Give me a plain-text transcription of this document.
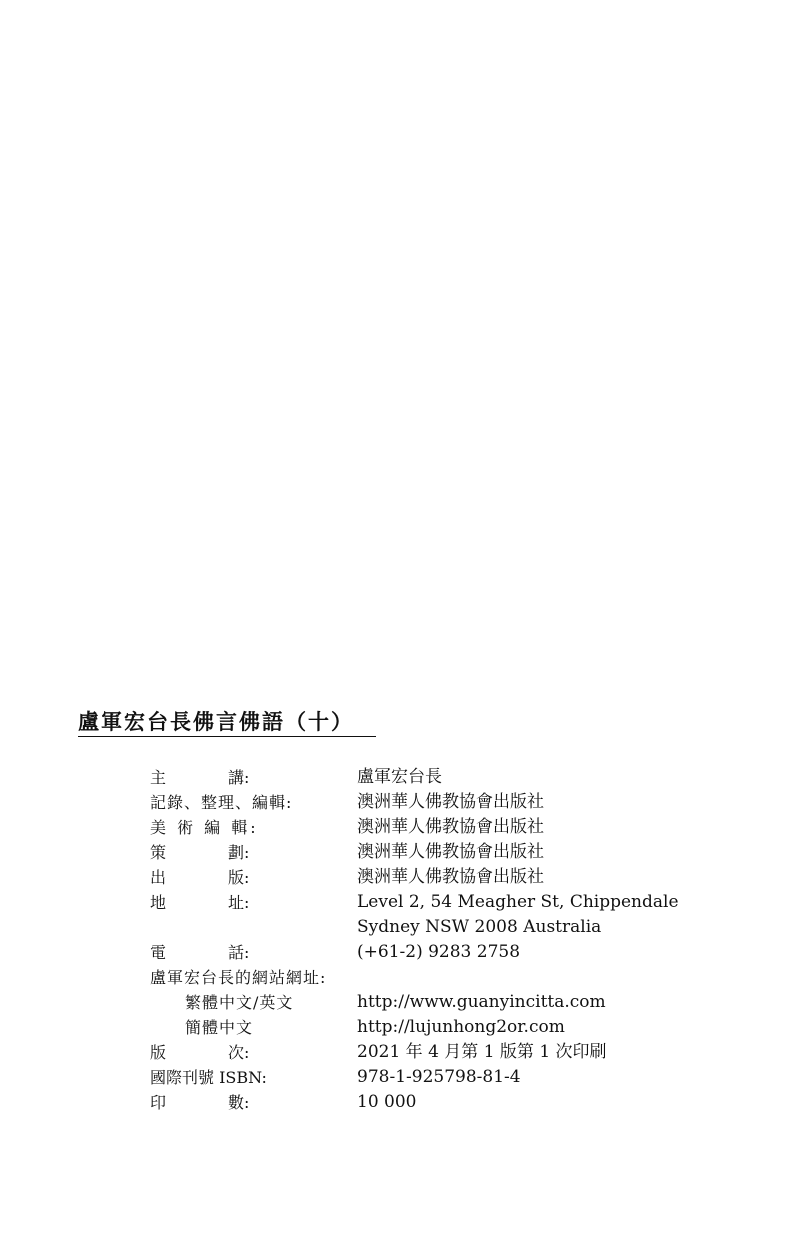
盧軍宏台長佛言佛語（十）
主	講:	盧軍宏台長
記錄、整理、編輯:	澳洲華人佛教協會出版社
美 術 編 輯:	澳洲華人佛教協會出版社
策	劃:	澳洲華人佛教協會出版社
出	版:	澳洲華人佛教協會出版社
地	址:	Level 2, 54 Meagher St, Chippendale
Sydney NSW 2008 Australia
電	話:	(+61-2) 9283 2758
盧軍宏台長的網站網址:
繁體中文/英文	http://www.guanyincitta.com
簡體中文	http://lujunhong2or.com
版	次:	2021 年 4 月第 1 版第 1 次印刷
國際刊號 ISBN:	978-1-925798-81-4
印	數:	10 000
